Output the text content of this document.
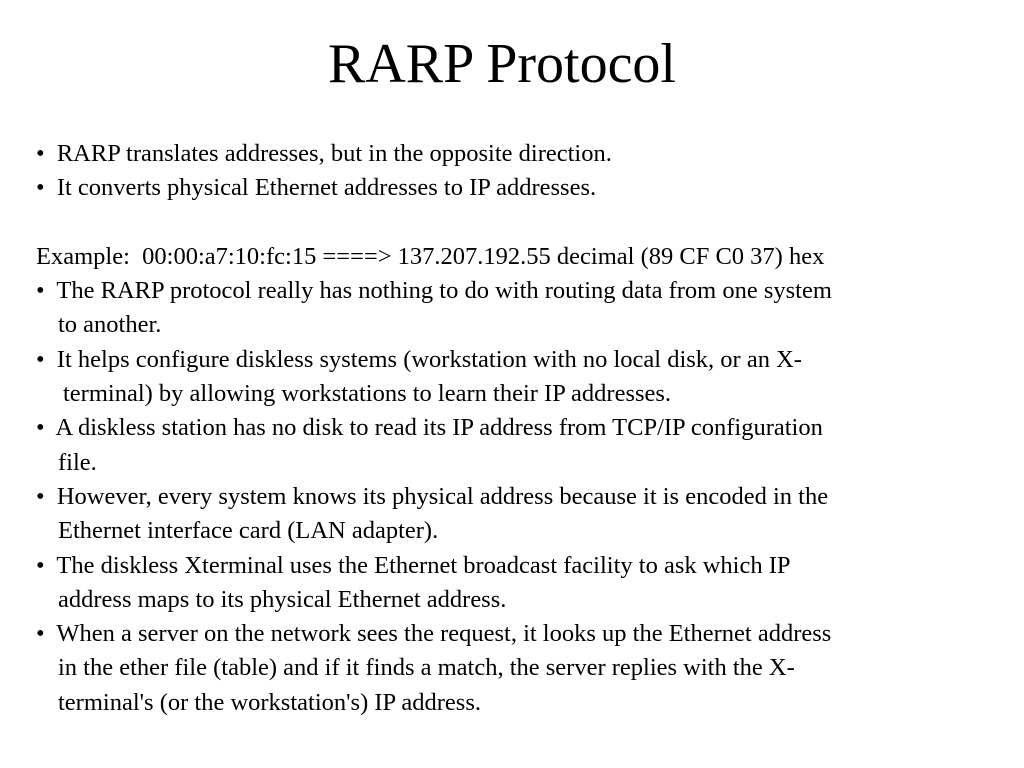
RARP Protocol
•  RARP translates addresses, but in the opposite direction.
•  It converts physical Ethernet addresses to IP addresses.
Example:  00:00:a7:10:fc:15 ====> 137.207.192.55 decimal (89 CF C0 37) hex
•  The RARP protocol really has nothing to do with routing data from one system
to another.
•  It helps configure diskless systems (workstation with no local disk, or an X-
terminal) by allowing workstations to learn their IP addresses.
•  A diskless station has no disk to read its IP address from TCP/IP configuration
file.
•  However, every system knows its physical address because it is encoded in the
Ethernet interface card (LAN adapter).
•  The diskless Xterminal uses the Ethernet broadcast facility to ask which IP
address maps to its physical Ethernet address.
•  When a server on the network sees the request, it looks up the Ethernet address
in the ether file (table) and if it finds a match, the server replies with the X-
terminal's (or the workstation's) IP address.
